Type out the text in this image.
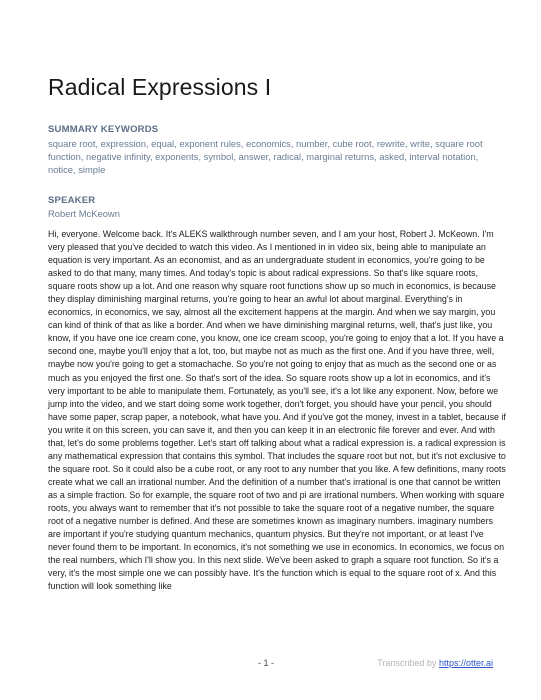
Radical Expressions I
SUMMARY KEYWORDS
square root, expression, equal, exponent rules, economics, number, cube root, rewrite, write, square root function, negative infinity, exponents, symbol, answer, radical, marginal returns, asked, interval notation, notice, simple
SPEAKER
Robert McKeown

Hi, everyone. Welcome back. It's ALEKS walkthrough number seven, and I am your host, Robert J. McKeown. I'm very pleased that you've decided to watch this video. As I mentioned in in video six, being able to manipulate an equation is very important. As an economist, and as an undergraduate student in economics, you're going to be asked to do that many, many times. And today's topic is about radical expressions. So that's like square roots, square roots show up a lot. And one reason why square root functions show up so much in economics, is because they display diminishing marginal returns, you're going to hear an awful lot about marginal. Everything's in economics, in economics, we say, almost all the excitement happens at the margin. And when we say margin, you can kind of think of that as like a border. And when we have diminishing marginal returns, well, that's just like, you know, if you have one ice cream cone, you know, one ice cream scoop, you're going to enjoy that a lot. If you have a second one, maybe you'll enjoy that a lot, too, but maybe not as much as the first one. And if you have three, well, maybe now you're going to get a stomachache. So you're not going to enjoy that as much as the second one or as much as you enjoyed the first one. So that's sort of the idea. So square roots show up a lot in economics, and it's very important to be able to manipulate them. Fortunately, as you'll see, it's a lot like any exponent. Now, before we jump into the video, and we start doing some work together, don't forget, you should have your pencil, you should have some paper, scrap paper, a notebook, what have you. And if you've got the money, invest in a tablet, because if you write it on this screen, you can save it, and then you can keep it in an electronic file forever and ever. And with that, let's do some problems together. Let's start off talking about what a radical expression is. a radical expression is any mathematical expression that contains this symbol. That includes the square root but not, but it's not exclusive to the square root. So it could also be a cube root, or any root to any number that you like. A few definitions, many roots create what we call an irrational number. And the definition of a number that's irrational is one that cannot be written as a simple fraction. So for example, the square root of two and pi are irrational numbers. When working with square roots, you always want to remember that it's not possible to take the square root of a negative number, the square root of a negative number is defined. And these are sometimes known as imaginary numbers. imaginary numbers are important if you're studying quantum mechanics, quantum physics. But they're not important, or at least I've never found them to be important. In economics, it's not something we use in economics. In economics, we focus on the real numbers, which I'll show you. In this next slide. We've been asked to graph a square root function. So it's a very, it's the most simple one we can possibly have. It's the function which is equal to the square root of x. And this function will look something like

- 1 -	Transcribed by https://otter.ai
